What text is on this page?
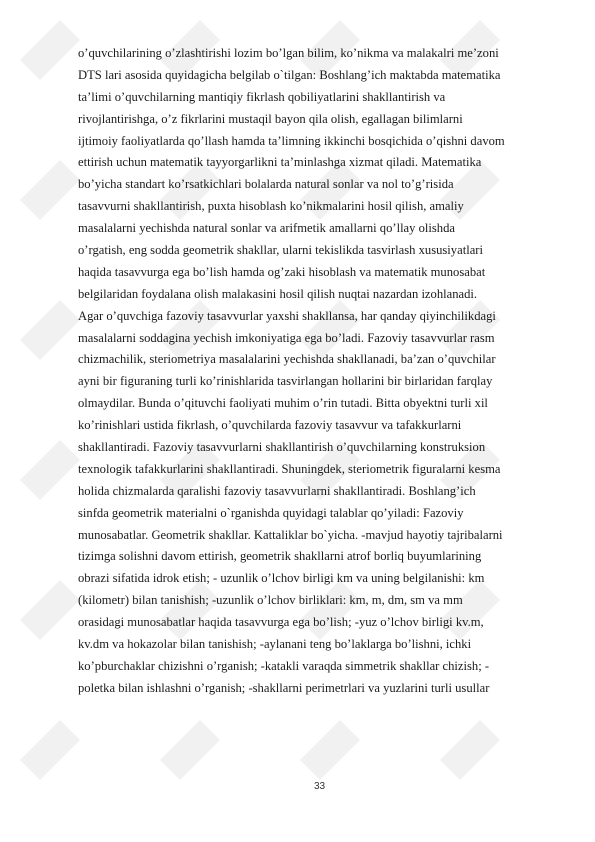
o’quvchilarining o’zlashtirishi lozim bo’lgan bilim, ko’nikma va malakalri me’zoni
DTS lari asosida quyidagicha belgilab o`tilgan: Boshlang’ich maktabda matematika
ta’limi o’quvchilarning mantiqiy fikrlash qobiliyatlarini shakllantirish va
rivojlantirishga, o’z fikrlarini mustaqil bayon qila olish, egallagan bilimlarni
ijtimoiy faoliyatlarda qo’llash hamda ta’limning ikkinchi bosqichida o’qishni davom
ettirish uchun matematik tayyorgarlikni ta’minlashga xizmat qiladi. Matematika
bo’yicha standart ko’rsatkichlari bolalarda natural sonlar va nol to’g’risida
tasavvurni shakllantirish, puxta hisoblash ko’nikmalarini hosil qilish, amaliy
masalalarni yechishda natural sonlar va arifmetik amallarni qo’llay olishda
o’rgatish, eng sodda geometrik shakllar, ularni tekislikda tasvirlash xususiyatlari
haqida tasavvurga ega bo’lish hamda og’zaki hisoblash va matematik munosabat
belgilaridan foydalana olish malakasini hosil qilish nuqtai nazardan izohlanadi.
Agar o’quvchiga fazoviy tasavvurlar yaxshi shakllansa, har qanday qiyinchilikdagi
masalalarni soddagina yechish imkoniyatiga ega bo’ladi. Fazoviy tasavvurlar rasm
chizmachilik, steriometriya masalalarini yechishda shakllanadi, ba’zan o’quvchilar
ayni bir figuraning turli ko’rinishlarida tasvirlangan hollarini bir birlaridan farqlay
olmaydilar. Bunda o’qituvchi faoliyati muhim o’rin tutadi. Bitta obyektni turli xil
ko’rinishlari ustida fikrlash, o’quvchilarda fazoviy tasavvur va tafakkurlarni
shakllantiradi. Fazoviy tasavvurlarni shakllantirish o’quvchilarning konstruksion
texnologik tafakkurlarini shakllantiradi. Shuningdek, steriometrik figuralarni kesma
holida chizmalarda qaralishi fazoviy tasavvurlarni shakllantiradi. Boshlang’ich
sinfda geometrik materialni o`rganishda quyidagi talablar qo’yiladi: Fazoviy
munosabatlar. Geometrik shakllar. Kattaliklar bo`yicha. -mavjud hayotiy tajribalarni
tizimga solishni davom ettirish, geometrik shakllarni atrof borliq buyumlarining
obrazi sifatida idrok etish; - uzunlik o’lchov birligi km va uning belgilanishi: km
(kilometr) bilan tanishish; -uzunlik o’lchov birliklari: km, m, dm, sm va mm
orasidagi munosabatlar haqida tasavvurga ega bo’lish; -yuz o’lchov birligi kv.m,
kv.dm va hokazolar bilan tanishish; -aylanani teng bo’laklarga bo’lishni, ichki
ko’pburchaklar chizishni o’rganish; -katakli varaqda simmetrik shakllar chizish; -
poletka bilan ishlashni o’rganish; -shakllarni perimetrlari va yuzlarini turli usullar
33
